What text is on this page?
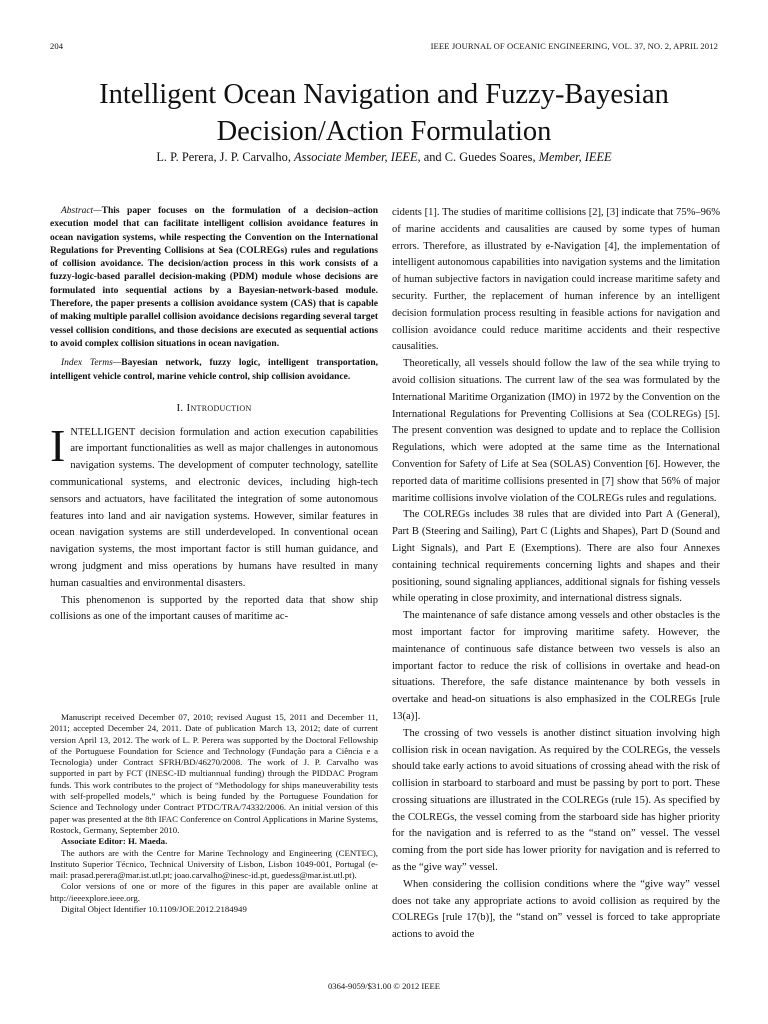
204	IEEE JOURNAL OF OCEANIC ENGINEERING, VOL. 37, NO. 2, APRIL 2012
Intelligent Ocean Navigation and Fuzzy-Bayesian
Decision/Action Formulation
L. P. Perera, J. P. Carvalho, Associate Member, IEEE, and C. Guedes Soares, Member, IEEE
Abstract—This paper focuses on the formulation of a decision–action execution model that can facilitate intelligent collision avoidance features in ocean navigation systems, while respecting the Convention on the International Regulations for Preventing Collisions at Sea (COLREGs) rules and regulations of collision avoidance. The decision/action process in this work consists of a fuzzy-logic-based parallel decision-making (PDM) module whose decisions are formulated into sequential actions by a Bayesian-network-based module. Therefore, the paper presents a collision avoidance system (CAS) that is capable of making multiple parallel collision avoidance decisions regarding several target vessel collision conditions, and those decisions are executed as sequential actions to avoid complex collision situations in ocean navigation.
Index Terms—Bayesian network, fuzzy logic, intelligent transportation, intelligent vehicle control, marine vehicle control, ship collision avoidance.
I. Introduction

INTELLIGENT decision formulation and action execution capabilities are important functionalities as well as major challenges in autonomous navigation systems. The development of computer technology, satellite communicational systems, and electronic devices, including high-tech sensors and actuators, have facilitated the integration of some autonomous features into land and air navigation systems. However, similar features in ocean navigation systems are still underdeveloped. In conventional ocean navigation systems, the most important factor is still human guidance, and wrong judgment and miss operations by humans have resulted in many human casualties and environmental disasters.

This phenomenon is supported by the reported data that show ship collisions as one of the important causes of maritime ac-

Manuscript received December 07, 2010; revised August 15, 2011 and December 11, 2011; accepted December 24, 2011. Date of publication March 13, 2012; date of current version April 13, 2012. The work of L. P. Perera was supported by the Doctoral Fellowship of the Portuguese Foundation for Science and Technology (Fundação para a Ciência e a Tecnologia) under Contract SFRH/BD/46270/2008. The work of J. P. Carvalho was supported in part by FCT (INESC-ID multiannual funding) through the PIDDAC Program funds. This work contributes to the project of “Methodology for ships maneuverability tests with self-propelled models,” which is being funded by the Portuguese Foundation for Science and Technology under Contract PTDC/TRA/74332/2006. An initial version of this paper was presented at the 8th IFAC Conference on Control Applications in Marine Systems, Rostock, Germany, September 2010.

Associate Editor: H. Maeda.

The authors are with the Centre for Marine Technology and Engineering (CENTEC), Instituto Superior Técnico, Technical University of Lisbon, Lisbon 1049-001, Portugal (e-mail: prasad.perera@mar.ist.utl.pt; joao.carvalho@inesc-id.pt, guedess@mar.ist.utl.pt).

Color versions of one or more of the figures in this paper are available online at http://ieeexplore.ieee.org.

Digital Object Identifier 10.1109/JOE.2012.2184949

cidents [1]. The studies of maritime collisions [2], [3] indicate that 75%–96% of marine accidents and causalities are caused by some types of human errors. Therefore, as illustrated by e-Navigation [4], the implementation of intelligent autonomous capabilities into navigation systems and the limitation of human subjective factors in navigation could increase maritime safety and security. Further, the replacement of human inference by an intelligent decision formulation process resulting in feasible actions for navigation and collision avoidance could reduce maritime accidents and their respective causalities.

Theoretically, all vessels should follow the law of the sea while trying to avoid collision situations. The current law of the sea was formulated by the International Maritime Organization (IMO) in 1972 by the Convention on the International Regulations for Preventing Collisions at Sea (COLREGs) [5]. The present convention was designed to update and to replace the Collision Regulations, which were adopted at the same time as the International Convention for Safety of Life at Sea (SOLAS) Convention [6]. However, the reported data of maritime collisions presented in [7] show that 56% of major maritime collisions involve violation of the COLREGs rules and regulations.

The COLREGs includes 38 rules that are divided into Part A (General), Part B (Steering and Sailing), Part C (Lights and Shapes), Part D (Sound and Light Signals), and Part E (Exemptions). There are also four Annexes containing technical requirements concerning lights and shapes and their positioning, sound signaling appliances, additional signals for fishing vessels while operating in close proximity, and international distress signals.

The maintenance of safe distance among vessels and other obstacles is the most important factor for improving maritime safety. However, the maintenance of continuous safe distance between two vessels is also an important factor to reduce the risk of collisions in overtake and head-on situations. Therefore, the safe distance maintenance by both vessels in overtake and head-on situations is also emphasized in the COLREGs [rule 13(a)].

The crossing of two vessels is another distinct situation involving high collision risk in ocean navigation. As required by the COLREGs, the vessels should take early actions to avoid situations of crossing ahead with the risk of collision in starboard to starboard and must be passing by port to port. These crossing situations are illustrated in the COLREGs (rule 15). As specified by the COLREGs, the vessel coming from the starboard side has higher priority for the navigation and is referred to as the “stand on” vessel. The vessel coming from the port side has lower priority for navigation and is referred to as the “give way” vessel.

When considering the collision conditions where the “give way” vessel does not take any appropriate actions to avoid collision as required by the COLREGs [rule 17(b)], the “stand on” vessel is forced to take appropriate actions to avoid the

0364-9059/$31.00 © 2012 IEEE
